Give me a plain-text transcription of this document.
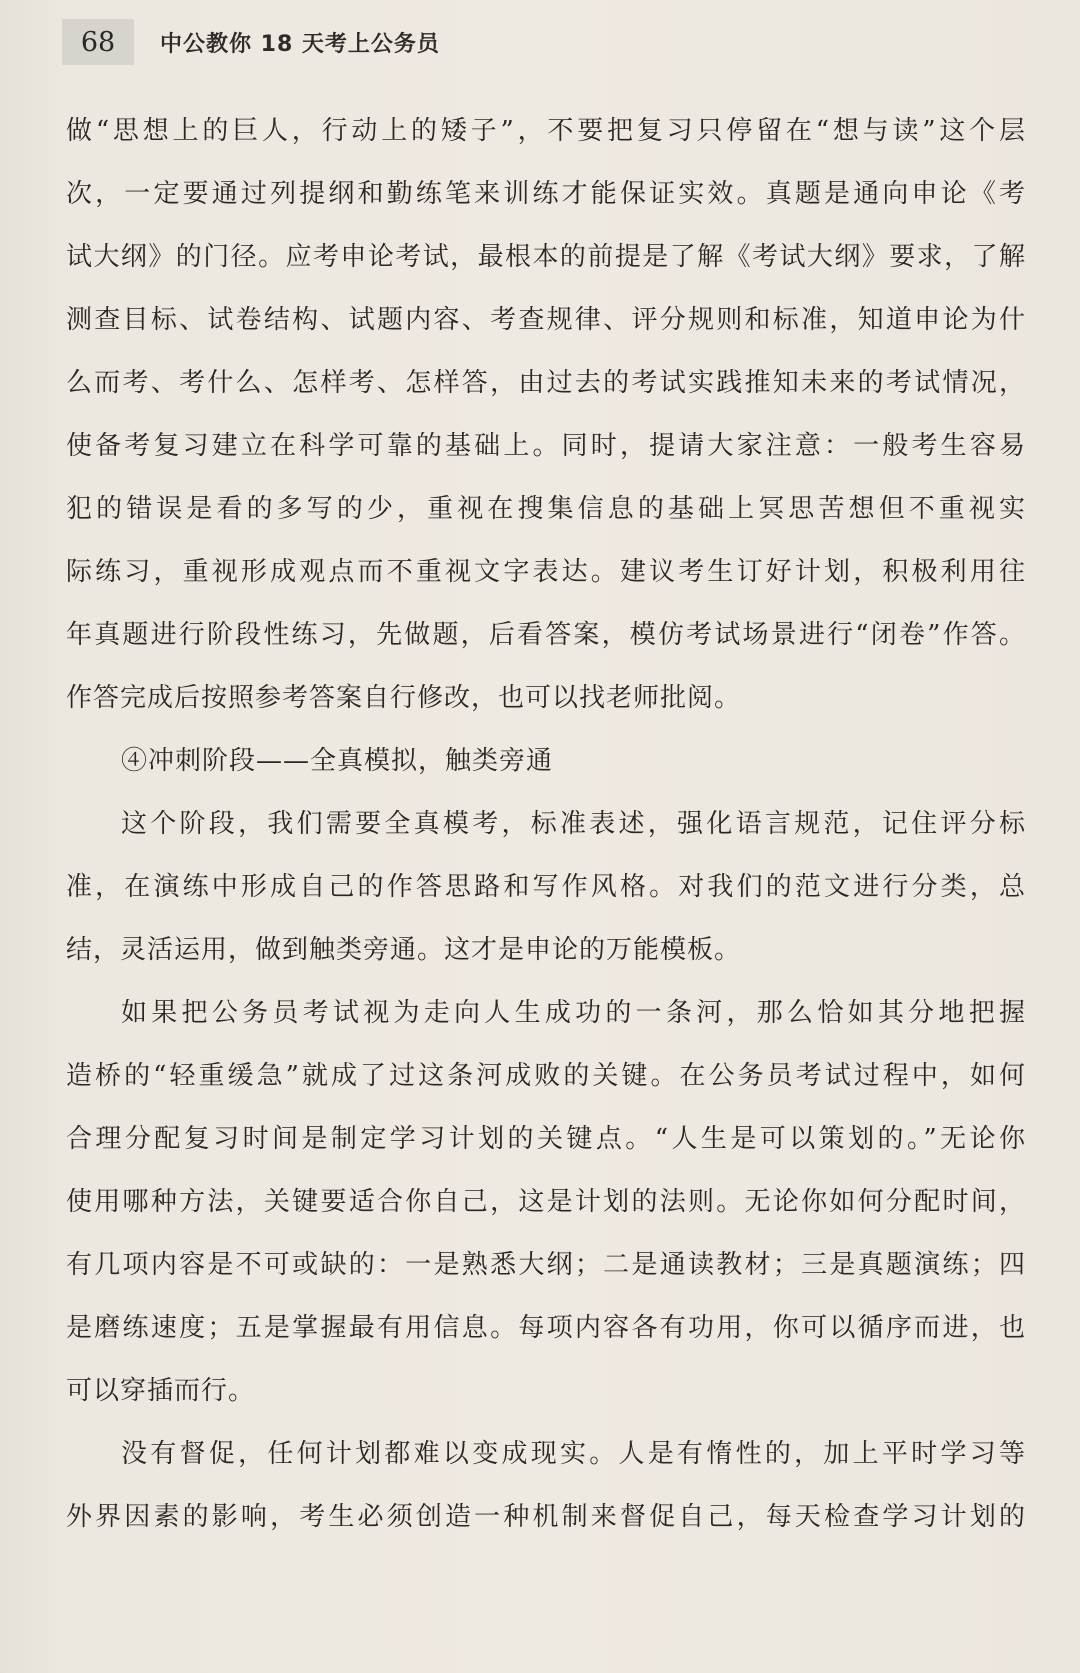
68 中公教你 18 天考上公务员
做“思想上的巨人，行动上的矮子”，不要把复习只停留在“想与读”这个层
次，一定要通过列提纲和勤练笔来训练才能保证实效。真题是通向申论《考
试大纲》的门径。应考申论考试，最根本的前提是了解《考试大纲》要求，了解
测查目标、试卷结构、试题内容、考查规律、评分规则和标准，知道申论为什
么而考、考什么、怎样考、怎样答，由过去的考试实践推知未来的考试情况，
使备考复习建立在科学可靠的基础上。同时，提请大家注意：一般考生容易
犯的错误是看的多写的少，重视在搜集信息的基础上冥思苦想但不重视实
际练习，重视形成观点而不重视文字表达。建议考生订好计划，积极利用往
年真题进行阶段性练习，先做题，后看答案，模仿考试场景进行“闭卷”作答。
作答完成后按照参考答案自行修改，也可以找老师批阅。
④冲刺阶段——全真模拟，触类旁通
这个阶段，我们需要全真模考，标准表述，强化语言规范，记住评分标
准，在演练中形成自己的作答思路和写作风格。对我们的范文进行分类，总
结，灵活运用，做到触类旁通。这才是申论的万能模板。
如果把公务员考试视为走向人生成功的一条河，那么恰如其分地把握
造桥的“轻重缓急”就成了过这条河成败的关键。在公务员考试过程中，如何
合理分配复习时间是制定学习计划的关键点。“人生是可以策划的。”无论你
使用哪种方法，关键要适合你自己，这是计划的法则。无论你如何分配时间，
有几项内容是不可或缺的：一是熟悉大纲；二是通读教材；三是真题演练；四
是磨练速度；五是掌握最有用信息。每项内容各有功用，你可以循序而进，也
可以穿插而行。
没有督促，任何计划都难以变成现实。人是有惰性的，加上平时学习等
外界因素的影响，考生必须创造一种机制来督促自己，每天检查学习计划的
